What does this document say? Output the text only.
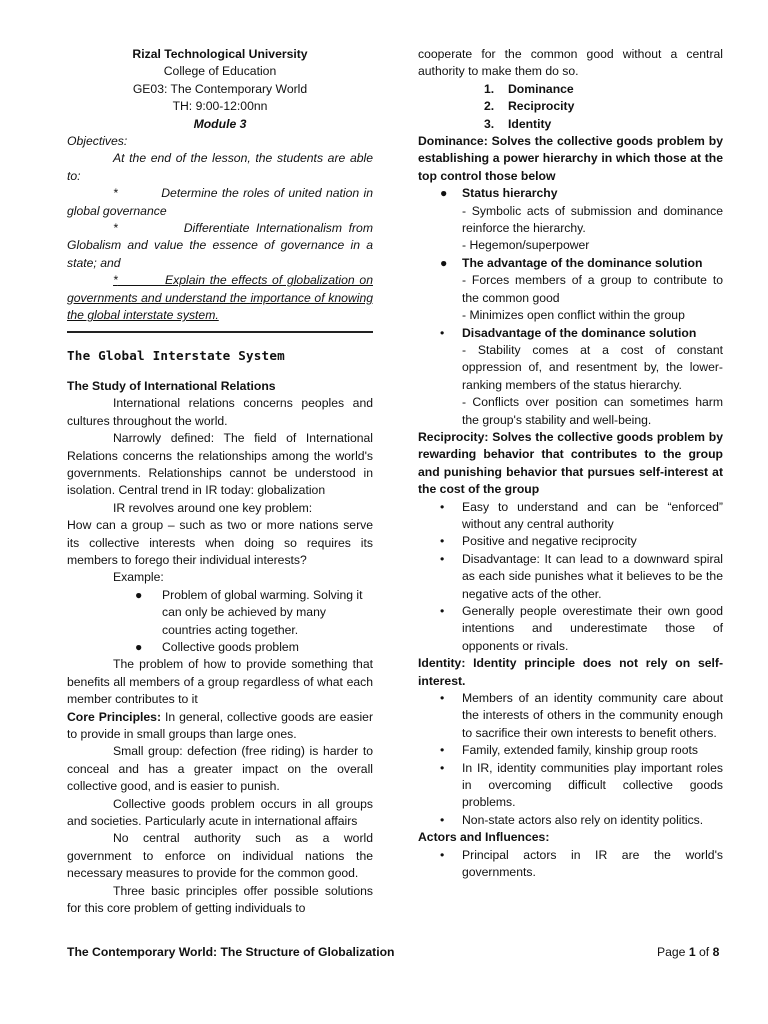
Rizal Technological University

College of Education

GE03: The Contemporary World

TH: 9:00-12:00nn

Module 3

Objectives:

At the end of the lesson, the students are able to:

*	Determine the roles of united nation in global governance

*	Differentiate Internationalism from Globalism and value the essence of governance in a state; and

*	Explain the effects of globalization on governments and understand the importance of knowing the global interstate system.

The Global Interstate System

The Study of International Relations

International relations concerns peoples and cultures throughout the world.

Narrowly defined: The field of International Relations concerns the relationships among the world's governments. Relationships cannot be understood in isolation. Central trend in IR today: globalization

IR revolves around one key problem:

How can a group – such as two or more nations serve its collective interests when doing so requires its members to forego their individual interests?

Example:

● Problem of global warming. Solving it can only be achieved by many countries acting together.
● Collective goods problem

The problem of how to provide something that benefits all members of a group regardless of what each member contributes to it

Core Principles: In general, collective goods are easier to provide in small groups than large ones.

Small group: defection (free riding) is harder to conceal and has a greater impact on the overall collective good, and is easier to punish.

Collective goods problem occurs in all groups and societies. Particularly acute in international affairs

No central authority such as a world government to enforce on individual nations the necessary measures to provide for the common good.

Three basic principles offer possible solutions for this core problem of getting individuals to

cooperate for the common good without a central authority to make them do so.

1. Dominance
2. Reciprocity
3. Identity

Dominance: Solves the collective goods problem by establishing a power hierarchy in which those at the top control those below

● Status hierarchy

- Symbolic acts of submission and dominance reinforce the hierarchy.

- Hegemon/superpower

● The advantage of the dominance solution

- Forces members of a group to contribute to the common good

- Minimizes open conflict within the group

• Disadvantage of the dominance solution

- Stability comes at a cost of constant oppression of, and resentment by, the lower-ranking members of the status hierarchy.

- Conflicts over position can sometimes harm the group's stability and well-being.

Reciprocity: Solves the collective goods problem by rewarding behavior that contributes to the group and punishing behavior that pursues self-interest at the cost of the group

• Easy to understand and can be “enforced” without any central authority
• Positive and negative reciprocity
• Disadvantage: It can lead to a downward spiral as each side punishes what it believes to be the negative acts of the other.
• Generally people overestimate their own good intentions and underestimate those of opponents or rivals.

Identity: Identity principle does not rely on self-interest.

• Members of an identity community care about the interests of others in the community enough to sacrifice their own interests to benefit others.
• Family, extended family, kinship group roots
• In IR, identity communities play important roles in overcoming difficult collective goods problems.
• Non-state actors also rely on identity politics.

Actors and Influences:

• Principal actors in IR are the world's governments.
The Contemporary World: The Structure of Globalization	Page 1 of 8
